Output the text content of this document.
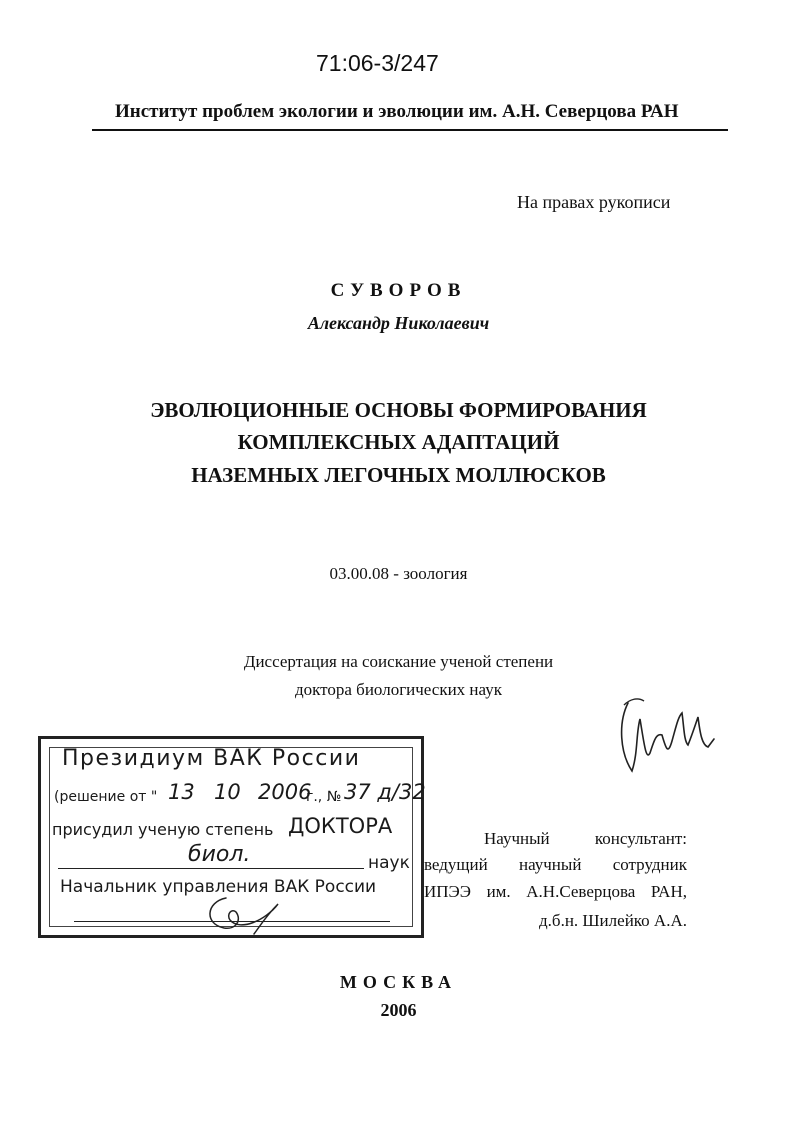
71:06-3/247
Институт проблем экологии и эволюции им. А.Н. Северцова РАН
На правах рукописи
СУВОРОВ
Александр Николаевич
ЭВОЛЮЦИОННЫЕ ОСНОВЫ ФОРМИРОВАНИЯ
КОМПЛЕКСНЫХ АДАПТАЦИЙ
НАЗЕМНЫХ ЛЕГОЧНЫХ МОЛЛЮСКОВ
03.00.08 - зоология
Диссертация на соискание ученой степени
доктора биологических наук
Президиум ВАК России
(решение от " 13 10 2006
г., № 37 д/32
присудил ученую степень ДОКТОРА
биол.	наук
Начальник управления ВАК России
Научный консультант:
ведущий научный сотрудник
ИПЭЭ им. А.Н.Северцова РАН,
д.б.н. Шилейко А.А.
МОСКВА
2006
